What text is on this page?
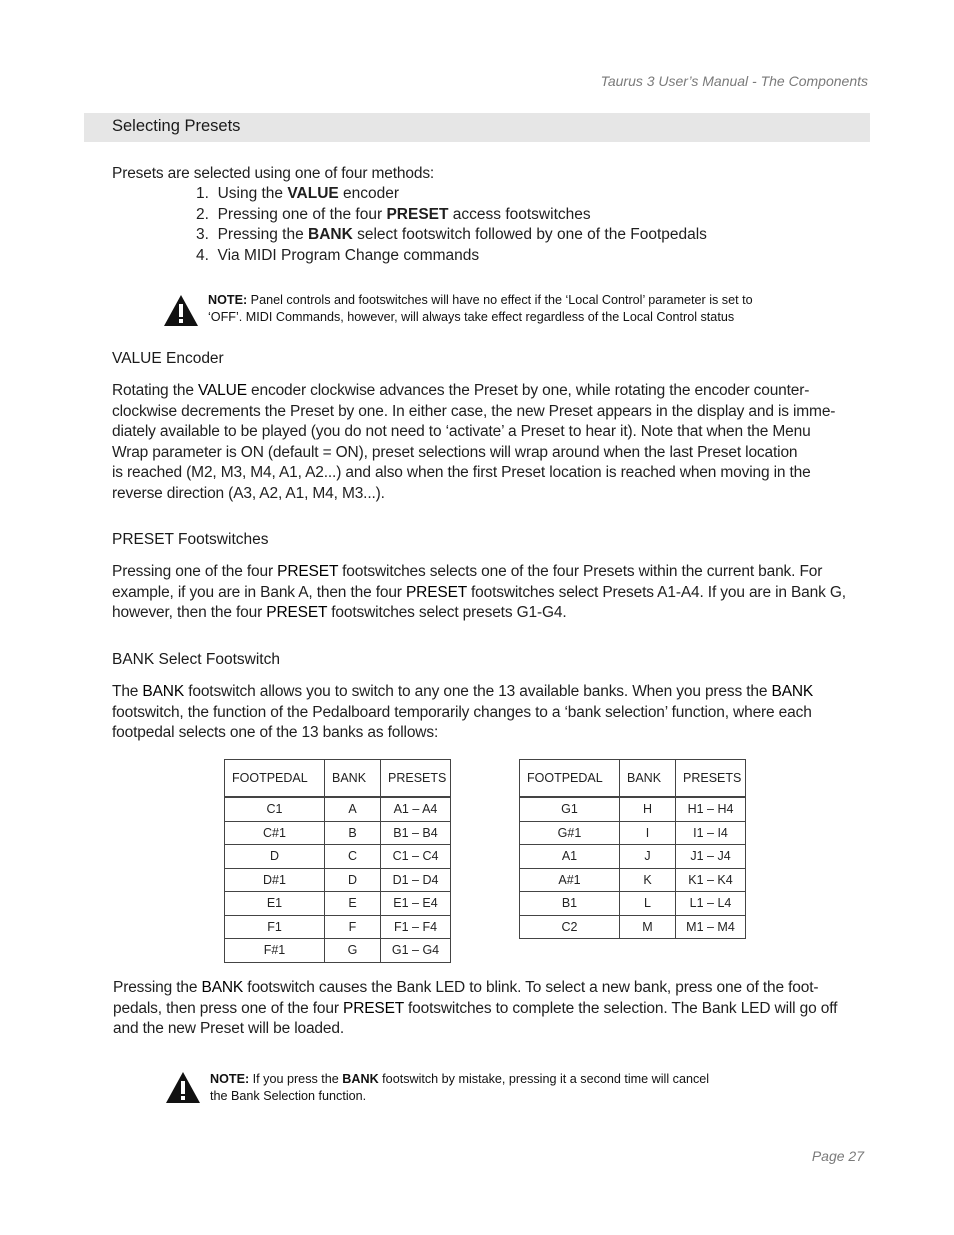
Taurus 3 User’s Manual - The Components
Selecting Presets
Presets are selected using one of four methods:
1. Using the VALUE encoder
2. Pressing one of the four PRESET access footswitches
3. Pressing the BANK select footswitch followed by one of the Footpedals
4.  Via MIDI Program Change commands
NOTE: Panel controls and footswitches will have no effect if the ‘Local Control’ parameter is set to
‘OFF’. MIDI Commands, however, will always take effect regardless of the Local Control status
VALUE Encoder

Rotating the VALUE encoder clockwise advances the Preset by one, while rotating the encoder counter-

clockwise decrements the Preset by one. In either case, the new Preset appears in the display and is imme-

diately available to be played (you do not need to ‘activate’ a Preset to hear it). Note that when the Menu

Wrap parameter is ON (default = ON), preset selections will wrap around when the last Preset location

is reached (M2, M3, M4, A1, A2...) and also when the first Preset location is reached when moving in the

reverse direction (A3, A2, A1, M4, M3...).

PRESET Footswitches

Pressing one of the four PRESET footswitches selects one of the four Presets within the current bank. For

example, if you are in Bank A, then the four PRESET footswitches select Presets A1-A4. If you are in Bank G,

however, then the four PRESET footswitches select presets G1-G4.

BANK Select Footswitch

The BANK footswitch allows you to switch to any one the 13 available banks. When you press the BANK

footswitch, the function of the Pedalboard temporarily changes to a ‘bank selection’ function, where each

footpedal selects one of the 13 banks as follows:

FOOTPEDAL	BANK	PRESETS
C1	A	A1 – A4
C#1	B	B1 – B4
D	C	C1 – C4
D#1	D	D1 – D4
E1	E	E1 – E4
F1	F	F1 – F4
F#1	G	G1 – G4
FOOTPEDAL	BANK	PRESETS
G1	H	H1 – H4
G#1	I	I1 – I4
A1	J	J1 – J4
A#1	K	K1 – K4
B1	L	L1 – L4
C2	M	M1 – M4

Pressing the BANK footswitch causes the Bank LED to blink. To select a new bank, press one of the foot-

pedals, then press one of the four PRESET footswitches to complete the selection. The Bank LED will go off

and the new Preset will be loaded.

NOTE: If you press the BANK footswitch by mistake, pressing it a second time will cancel
the Bank Selection function.
Page 27
